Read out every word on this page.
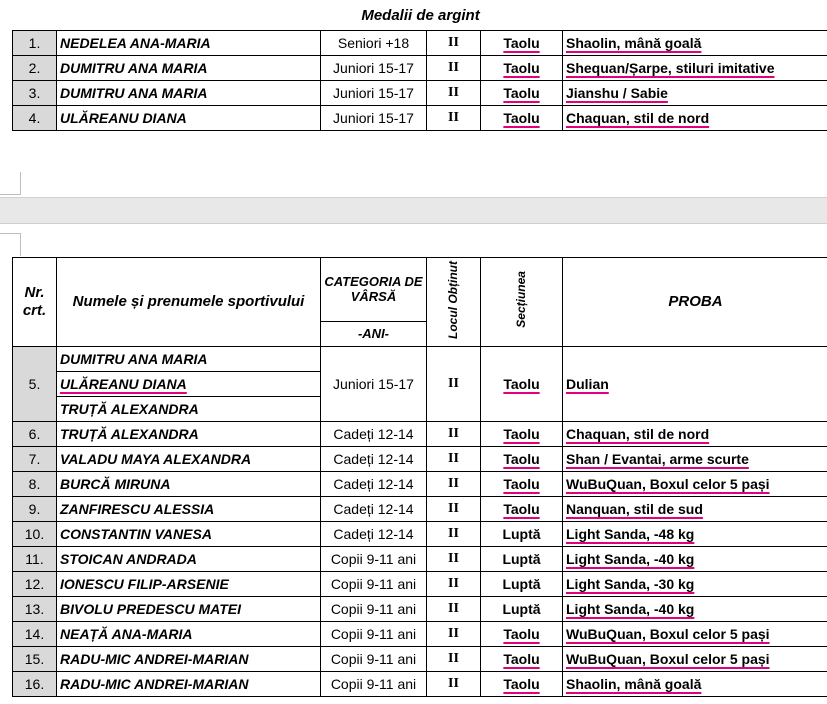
Medalii de argint					
1.	NEDELEA ANA-MARIA	Seniori +18	II	Taolu	Shaolin, mână goală
2.	DUMITRU ANA MARIA	Juniori 15-17	II	Taolu	Shequan/Șarpe, stiluri imitative
3.	DUMITRU ANA MARIA	Juniori 15-17	II	Taolu	Jianshu / Sabie
4.	ULĂREANU DIANA	Juniori 15-17	II	Taolu	Chaquan, stil de nord
Nr. crt.	Numele și prenumele sportivului	CATEGORIA DE VÂRSĂ	Locul Obținut	Secțiunea	PROBA
		-ANI-			
5.	DUMITRU ANA MARIA	Juniori 15-17	II	Taolu	Dulian
	ULĂREANU DIANA				
	TRUȚĂ ALEXANDRA				
6.	TRUȚĂ ALEXANDRA	Cadeți 12-14	II	Taolu	Chaquan, stil de nord
7.	VALADU MAYA ALEXANDRA	Cadeți 12-14	II	Taolu	Shan / Evantai, arme scurte
8.	BURCĂ MIRUNA	Cadeți 12-14	II	Taolu	WuBuQuan, Boxul celor 5 pași
9.	ZANFIRESCU ALESSIA	Cadeți 12-14	II	Taolu	Nanquan, stil de sud
10.	CONSTANTIN VANESA	Cadeți 12-14	II	Luptă	Light Sanda, -48 kg
11.	STOICAN ANDRADA	Copii 9-11 ani	II	Luptă	Light Sanda, -40 kg
12.	IONESCU FILIP-ARSENIE	Copii 9-11 ani	II	Luptă	Light Sanda, -30 kg
13.	BIVOLU PREDESCU MATEI	Copii 9-11 ani	II	Luptă	Light Sanda, -40 kg
14.	NEAȚĂ ANA-MARIA	Copii 9-11 ani	II	Taolu	WuBuQuan, Boxul celor 5 pași
15.	RADU-MIC ANDREI-MARIAN	Copii 9-11 ani	II	Taolu	WuBuQuan, Boxul celor 5 pași
16.	RADU-MIC ANDREI-MARIAN	Copii 9-11 ani	II	Taolu	Shaolin, mână goală
